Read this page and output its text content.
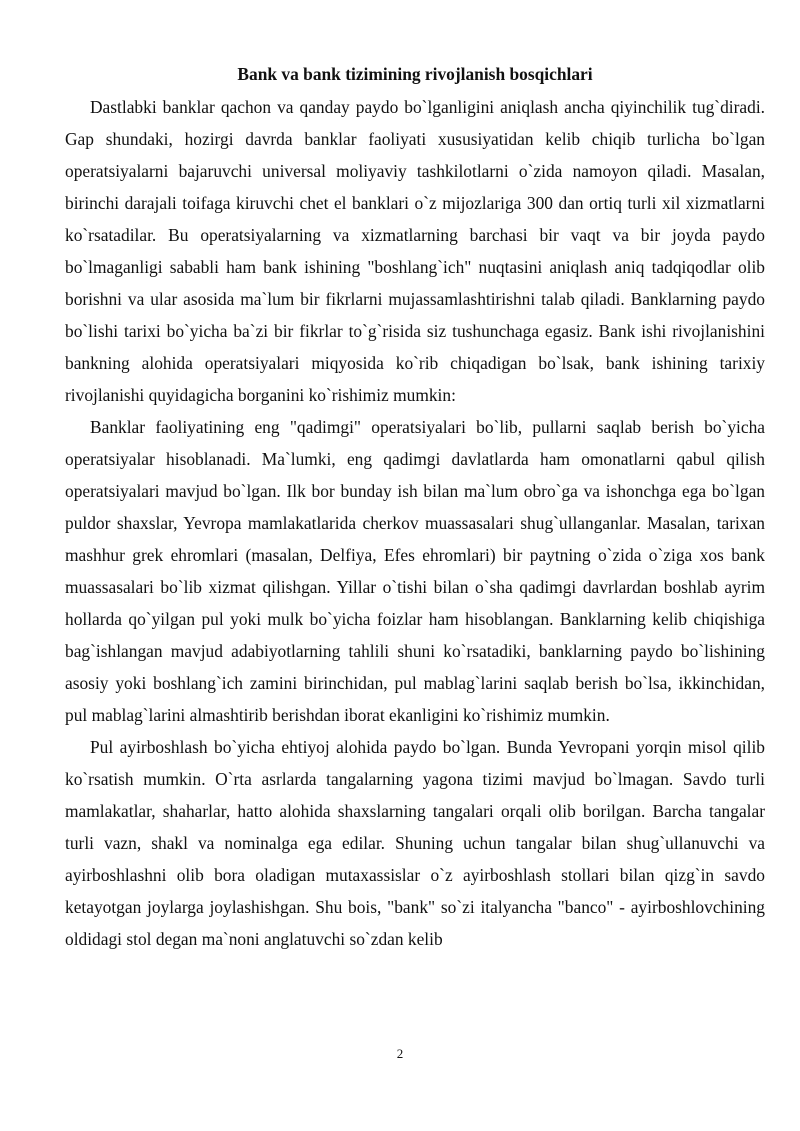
Bank va bank tizimining rivojlanish bosqichlari

Dastlabki banklar qachon va qanday paydo bo`lganligini aniqlash ancha qiyinchilik tug`diradi. Gap shundaki, hozirgi davrda banklar faoliyati xususiyatidan kelib chiqib turlicha bo`lgan operatsiyalarni bajaruvchi universal moliyaviy tashkilotlarni o`zida namoyon qiladi. Masalan, birinchi darajali toifaga kiruvchi chet el banklari o`z mijozlariga 300 dan ortiq turli xil xizmatlarni ko`rsatadilar. Bu operatsiyalarning va xizmatlarning barchasi bir vaqt va bir joyda paydo bo`lmaganligi sababli ham bank ishining "boshlang`ich" nuqtasini aniqlash aniq tadqiqodlar olib borishni va ular asosida ma`lum bir fikrlarni mujassamlashtirishni talab qiladi. Banklarning paydo bo`lishi tarixi bo`yicha ba`zi bir fikrlar to`g`risida siz tushunchaga egasiz. Bank ishi rivojlanishini bankning alohida operatsiyalari miqyosida ko`rib chiqadigan bo`lsak, bank ishining tarixiy rivojlanishi quyidagicha borganini ko`rishimiz mumkin:

Banklar faoliyatining eng "qadimgi" operatsiyalari bo`lib, pullarni saqlab berish bo`yicha operatsiyalar hisoblanadi. Ma`lumki, eng qadimgi davlatlarda ham omonatlarni qabul qilish operatsiyalari mavjud bo`lgan. Ilk bor bunday ish bilan ma`lum obro`ga va ishonchga ega bo`lgan puldor shaxslar, Yevropa mamlakatlarida cherkov muassasalari shug`ullanganlar. Masalan, tarixan mashhur grek ehromlari (masalan, Delfiya, Efes ehromlari) bir paytning o`zida o`ziga xos bank muassasalari bo`lib xizmat qilishgan. Yillar o`tishi bilan o`sha qadimgi davrlardan boshlab ayrim hollarda qo`yilgan pul yoki mulk bo`yicha foizlar ham hisoblangan. Banklarning kelib chiqishiga bag`ishlangan mavjud adabiyotlarning tahlili shuni ko`rsatadiki, banklarning paydo bo`lishining asosiy yoki boshlang`ich zamini birinchidan, pul mablag`larini saqlab berish bo`lsa, ikkinchidan, pul mablag`larini almashtirib berishdan iborat ekanligini ko`rishimiz mumkin.

Pul ayirboshlash bo`yicha ehtiyoj alohida paydo bo`lgan. Bunda Yevropani yorqin misol qilib ko`rsatish mumkin. O`rta asrlarda tangalarning yagona tizimi mavjud bo`lmagan. Savdo turli mamlakatlar, shaharlar, hatto alohida shaxslarning tangalari orqali olib borilgan. Barcha tangalar turli vazn, shakl va nominalga ega edilar. Shuning uchun tangalar bilan shug`ullanuvchi va ayirboshlashni olib bora oladigan mutaxassislar o`z ayirboshlash stollari bilan qizg`in savdo ketayotgan joylarga joylashishgan. Shu bois, "bank" so`zi italyancha "banco" - ayirboshlovchining oldidagi stol degan ma`noni anglatuvchi so`zdan kelib

2
